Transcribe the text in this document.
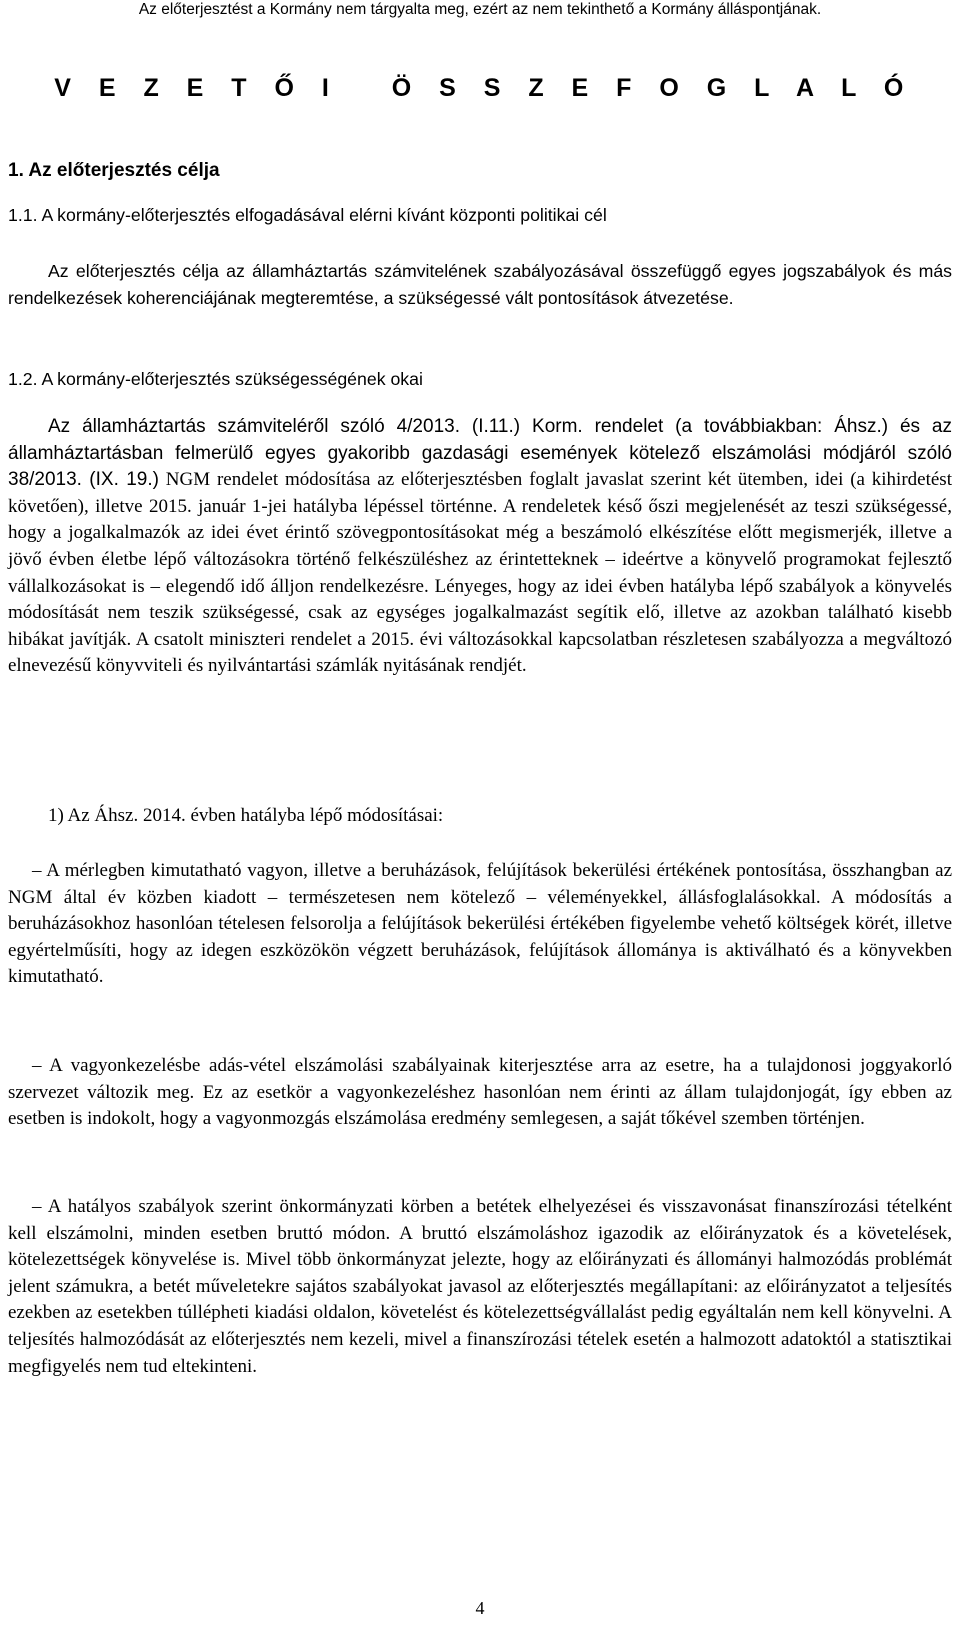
Az előterjesztést a Kormány nem tárgyalta meg, ezért az nem tekinthető a Kormány álláspontjának.
V E Z E T Ő I   Ö S S Z E F O G L A L Ó
1. Az előterjesztés célja
1.1. A kormány-előterjesztés elfogadásával elérni kívánt központi politikai cél
Az előterjesztés célja az államháztartás számvitelének szabályozásával összefüggő egyes jogszabályok és más rendelkezések koherenciájának megteremtése, a szükségessé vált pontosítások átvezetése.
1.2. A kormány-előterjesztés szükségességének okai
Az államháztartás számviteléről szóló 4/2013. (I.11.) Korm. rendelet (a továbbiakban: Áhsz.) és az államháztartásban felmerülő egyes gyakoribb gazdasági események kötelező elszámolási módjáról szóló 38/2013. (IX. 19.) NGM rendelet módosítása az előterjesztésben foglalt javaslat szerint két ütemben, idei (a kihirdetést követően), illetve 2015. január 1-jei hatályba lépéssel történne. A rendeletek késő őszi megjelenését az teszi szükségessé, hogy a jogalkalmazók az idei évet érintő szövegpontosításokat még a beszámoló elkészítése előtt megismerjék, illetve a jövő évben életbe lépő változásokra történő felkészüléshez az érintetteknek – ideértve a könyvelő programokat fejlesztő vállalkozásokat is – elegendő idő álljon rendelkezésre. Lényeges, hogy az idei évben hatályba lépő szabályok a könyvelés módosítását nem teszik szükségessé, csak az egységes jogalkalmazást segítik elő, illetve az azokban található kisebb hibákat javítják. A csatolt miniszteri rendelet a 2015. évi változásokkal kapcsolatban részletesen szabályozza a megváltozó elnevezésű könyvviteli és nyilvántartási számlák nyitásának rendjét.
1) Az Áhsz. 2014. évben hatályba lépő módosításai:
– A mérlegben kimutatható vagyon, illetve a beruházások, felújítások bekerülési értékének pontosítása, összhangban az NGM által év közben kiadott – természetesen nem kötelező – véleményekkel, állásfoglalásokkal. A módosítás a beruházásokhoz hasonlóan tételesen felsorolja a felújítások bekerülési értékében figyelembe vehető költségek körét, illetve egyértelműsíti, hogy az idegen eszközökön végzett beruházások, felújítások állománya is aktiválható és a könyvekben kimutatható.
– A vagyonkezelésbe adás-vétel elszámolási szabályainak kiterjesztése arra az esetre, ha a tulajdonosi joggyakorló szervezet változik meg. Ez az esetkör a vagyonkezeléshez hasonlóan nem érinti az állam tulajdonjogát, így ebben az esetben is indokolt, hogy a vagyonmozgás elszámolása eredmény semlegesen, a saját tőkével szemben történjen.
– A hatályos szabályok szerint önkormányzati körben a betétek elhelyezései és visszavonásat finanszírozási tételként kell elszámolni, minden esetben bruttó módon. A bruttó elszámoláshoz igazodik az előirányzatok és a követelések, kötelezettségek könyvelése is. Mivel több önkormányzat jelezte, hogy az előirányzati és állományi halmozódás problémát jelent számukra, a betét műveletekre sajátos szabályokat javasol az előterjesztés megállapítani: az előirányzatot a teljesítés ezekben az esetekben túllépheti kiadási oldalon, követelést és kötelezettségvállalást pedig egyáltalán nem kell könyvelni. A teljesítés halmozódását az előterjesztés nem kezeli, mivel a finanszírozási tételek esetén a halmozott adatoktól a statisztikai megfigyelés nem tud eltekinteni.
4
